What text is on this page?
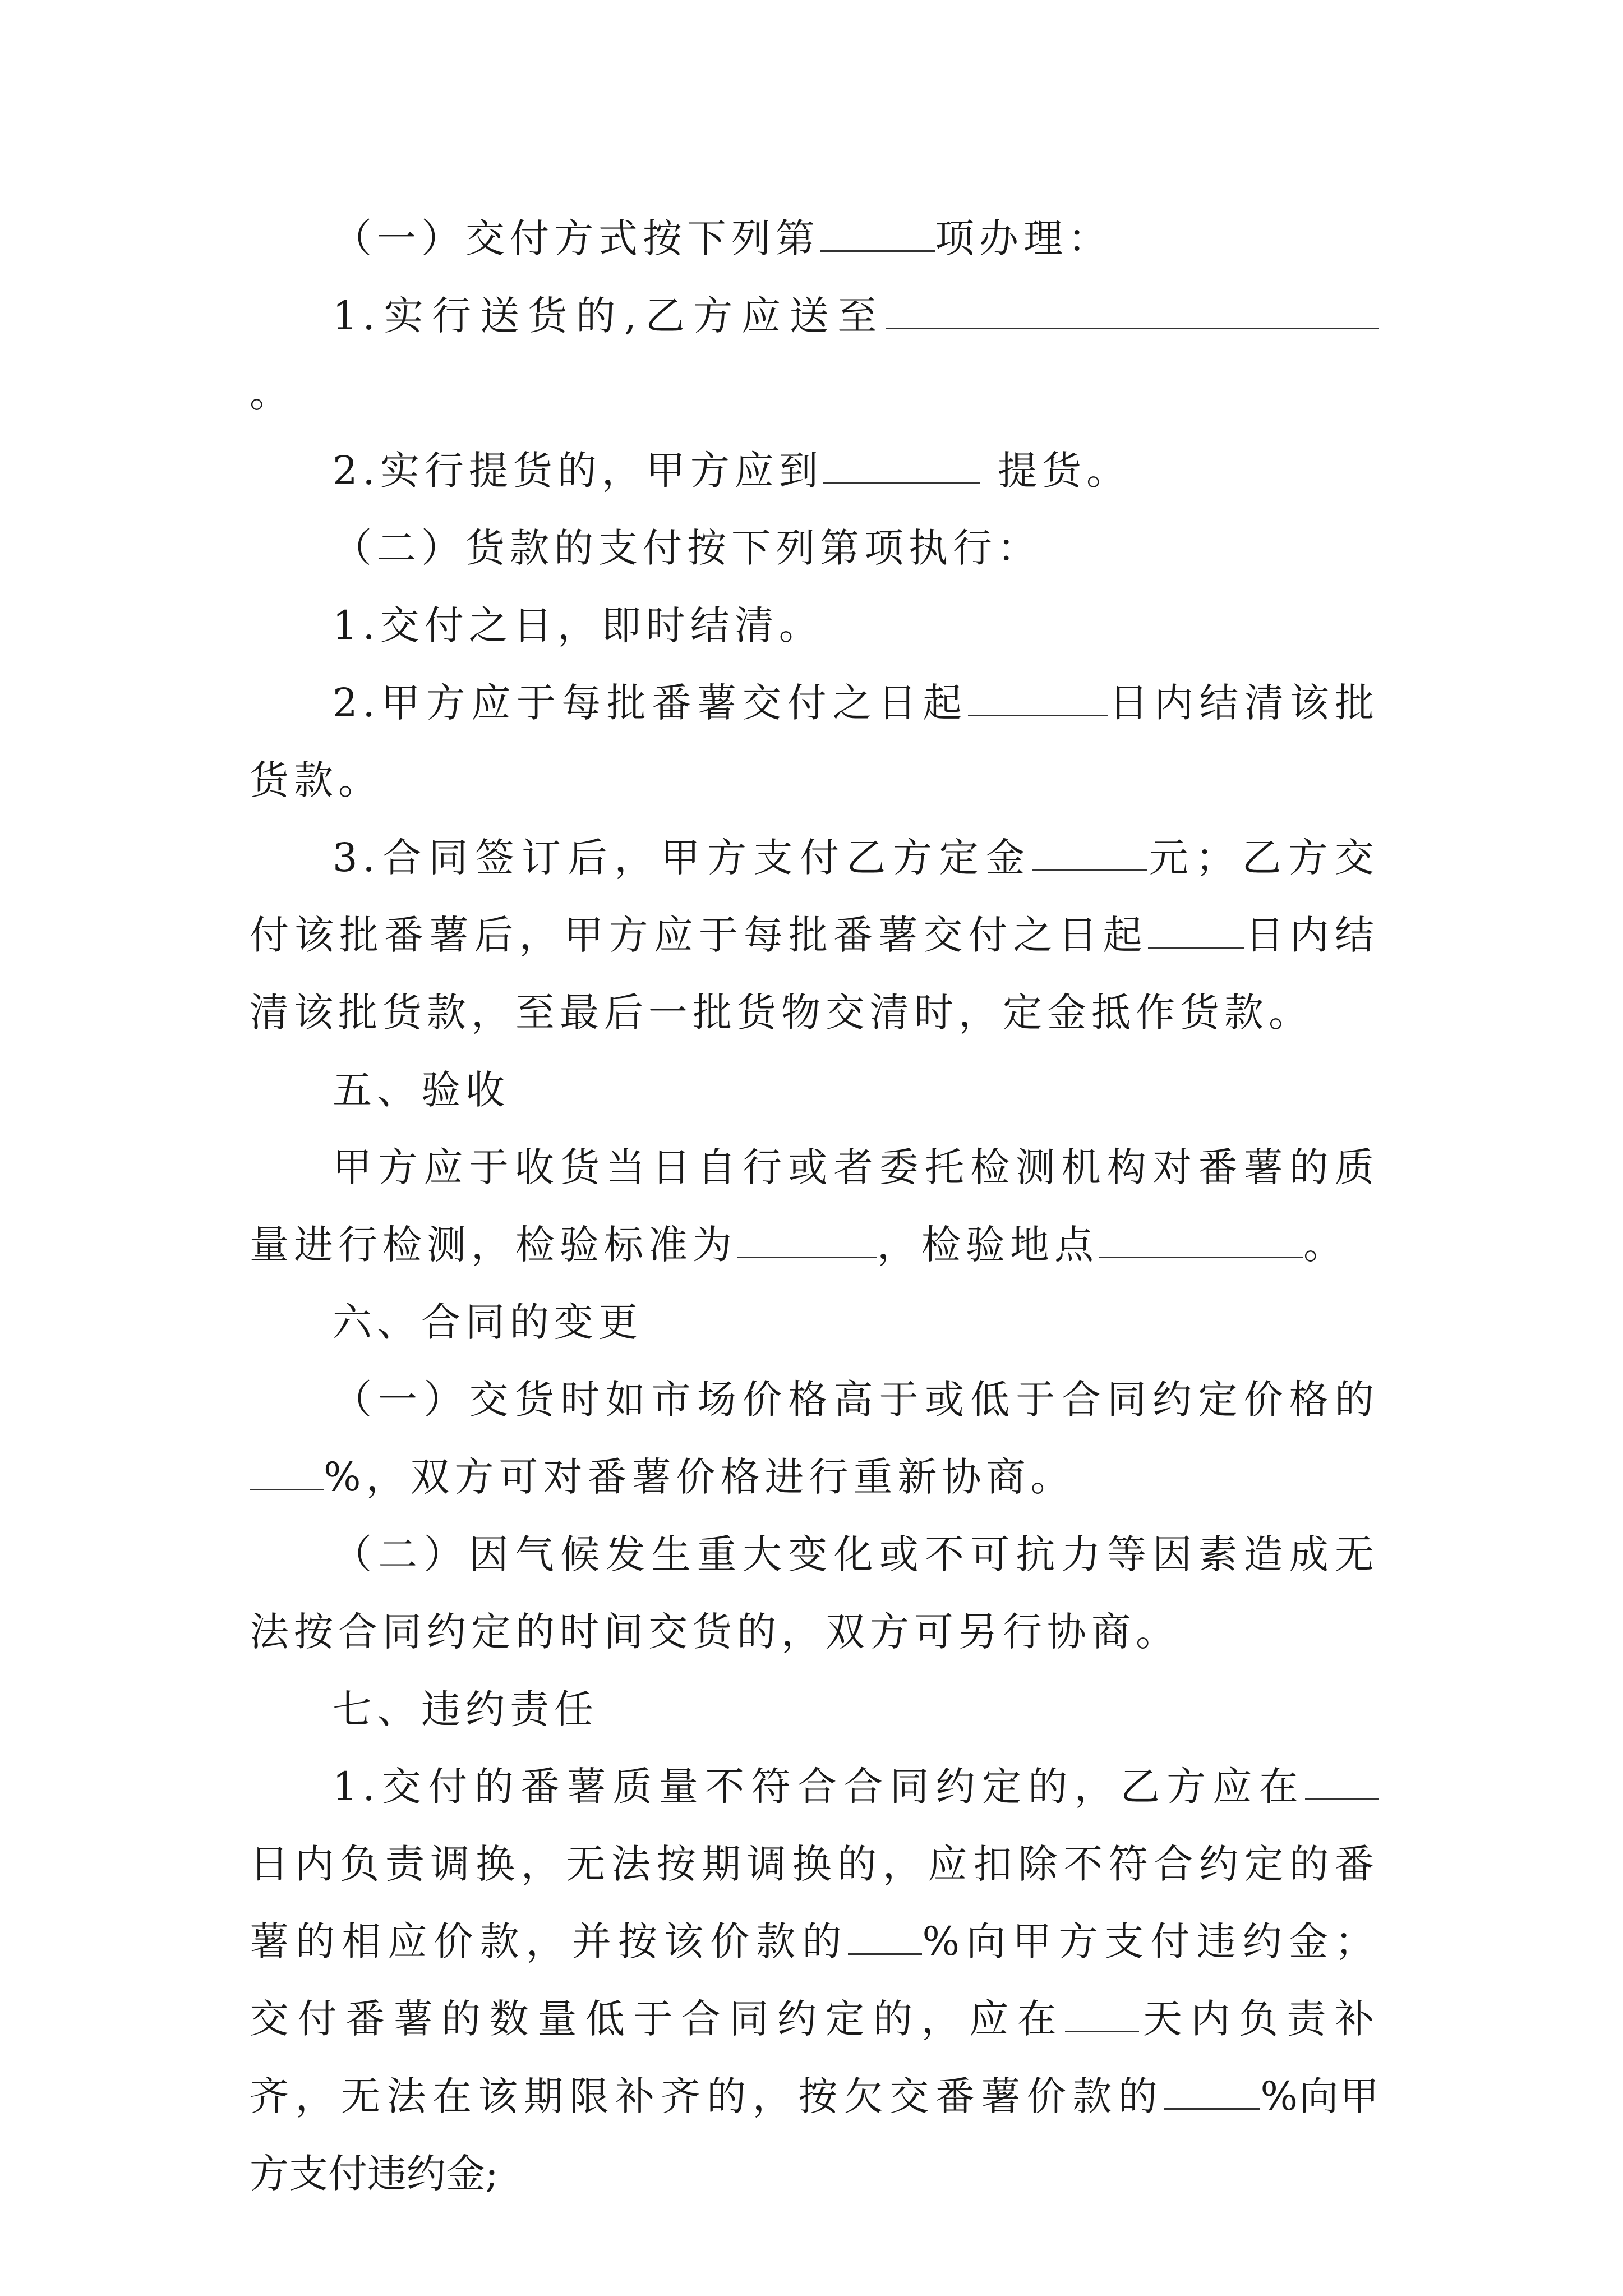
（一）交付方式按下列第	项办理：

1.实行送货的,乙方应送至 。

2.实行提货的，甲方应到	提货。

（二）货款的支付按下列第项执行：

1.交付之日，即时结清。

2.甲方应于每批番薯交付之日起	日内结清该批货款。

3.合同签订后，甲方支付乙方定金	元；乙方交付该批番薯后，甲方应于每批番薯交付之日起 日内结清该批货款，至最后一批货物交清时，定金抵作货款。

五、验收

甲方应于收货当日自行或者委托检测机构对番薯的质量进行检测，检验标准为	，检验地点	。

六、合同的变更

（一）交货时如市场价格高于或低于合同约定价格的%，双方可对番薯价格进行重新协商。

（二）因气候发生重大变化或不可抗力等因素造成无法按合同约定的时间交货的，双方可另行协商。

七、违约责任

1.交付的番薯质量不符合合同约定的，乙方应在日内负责调换，无法按期调换的，应扣除不符合约定的番薯的相应价款，并按该价款的 %向甲方支付违约金；交付番薯的数量低于合同约定的，应在 天内负责补齐，无法在该期限补齐的，按欠交番薯价款的 %向甲方支付违约金;
